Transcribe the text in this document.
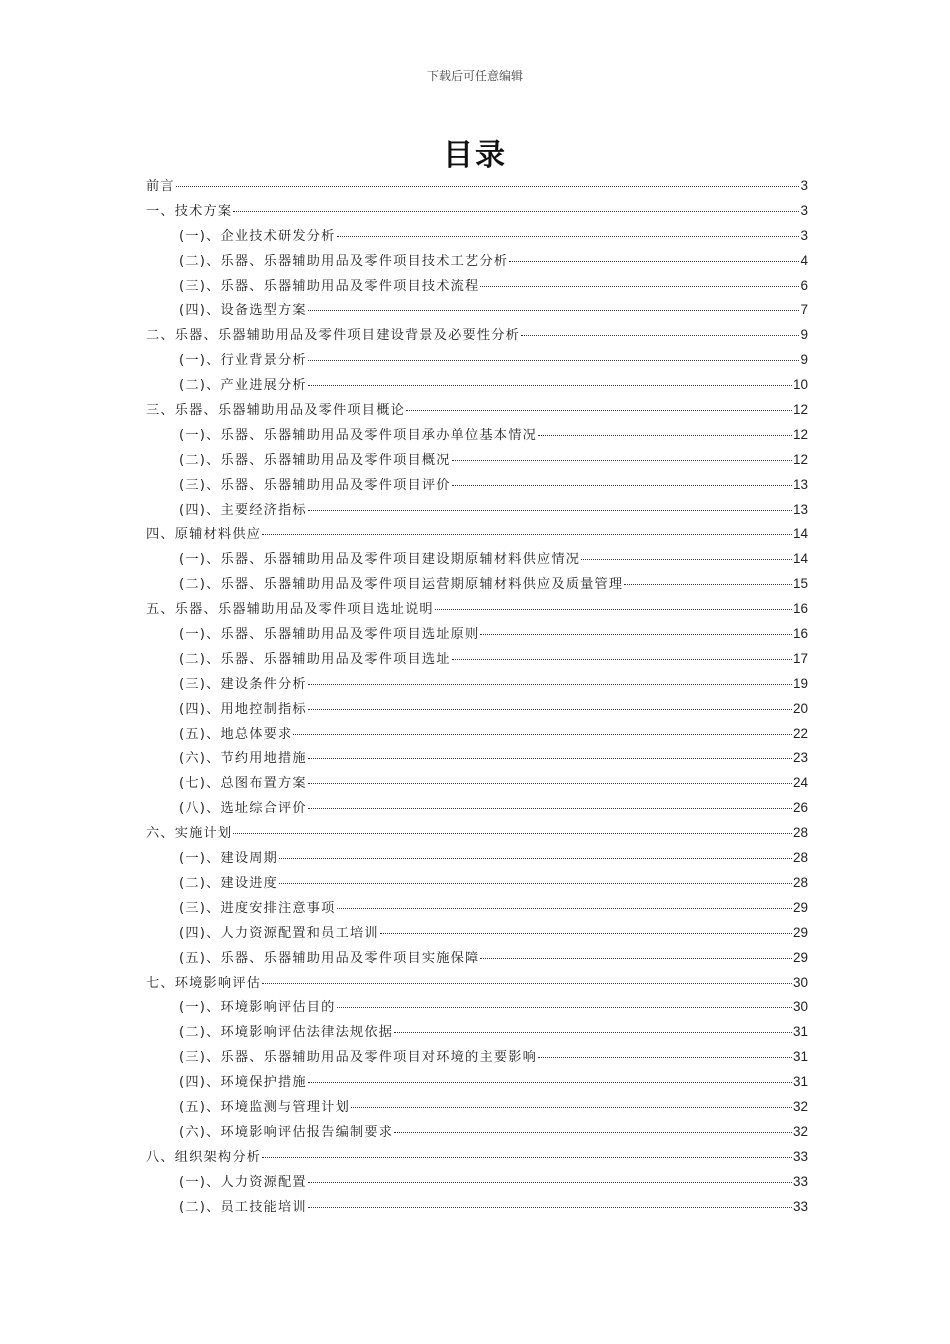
下载后可任意编辑
目录
前言	3
一、技术方案	3
(一)、企业技术研发分析	3
(二)、乐器、乐器辅助用品及零件项目技术工艺分析	4
(三)、乐器、乐器辅助用品及零件项目技术流程	6
(四)、设备选型方案	7
二、乐器、乐器辅助用品及零件项目建设背景及必要性分析	9
(一)、行业背景分析	9
(二)、产业进展分析	10
三、乐器、乐器辅助用品及零件项目概论	12
(一)、乐器、乐器辅助用品及零件项目承办单位基本情况	12
(二)、乐器、乐器辅助用品及零件项目概况	12
(三)、乐器、乐器辅助用品及零件项目评价	13
(四)、主要经济指标	13
四、原辅材料供应	14
(一)、乐器、乐器辅助用品及零件项目建设期原辅材料供应情况	14
(二)、乐器、乐器辅助用品及零件项目运营期原辅材料供应及质量管理	15
五、乐器、乐器辅助用品及零件项目选址说明	16
(一)、乐器、乐器辅助用品及零件项目选址原则	16
(二)、乐器、乐器辅助用品及零件项目选址	17
(三)、建设条件分析	19
(四)、用地控制指标	20
(五)、地总体要求	22
(六)、节约用地措施	23
(七)、总图布置方案	24
(八)、选址综合评价	26
六、实施计划	28
(一)、建设周期	28
(二)、建设进度	28
(三)、进度安排注意事项	29
(四)、人力资源配置和员工培训	29
(五)、乐器、乐器辅助用品及零件项目实施保障	29
七、环境影响评估	30
(一)、环境影响评估目的	30
(二)、环境影响评估法律法规依据	31
(三)、乐器、乐器辅助用品及零件项目对环境的主要影响	31
(四)、环境保护措施	31
(五)、环境监测与管理计划	32
(六)、环境影响评估报告编制要求	32
八、组织架构分析	33
(一)、人力资源配置	33
(二)、员工技能培训	33
